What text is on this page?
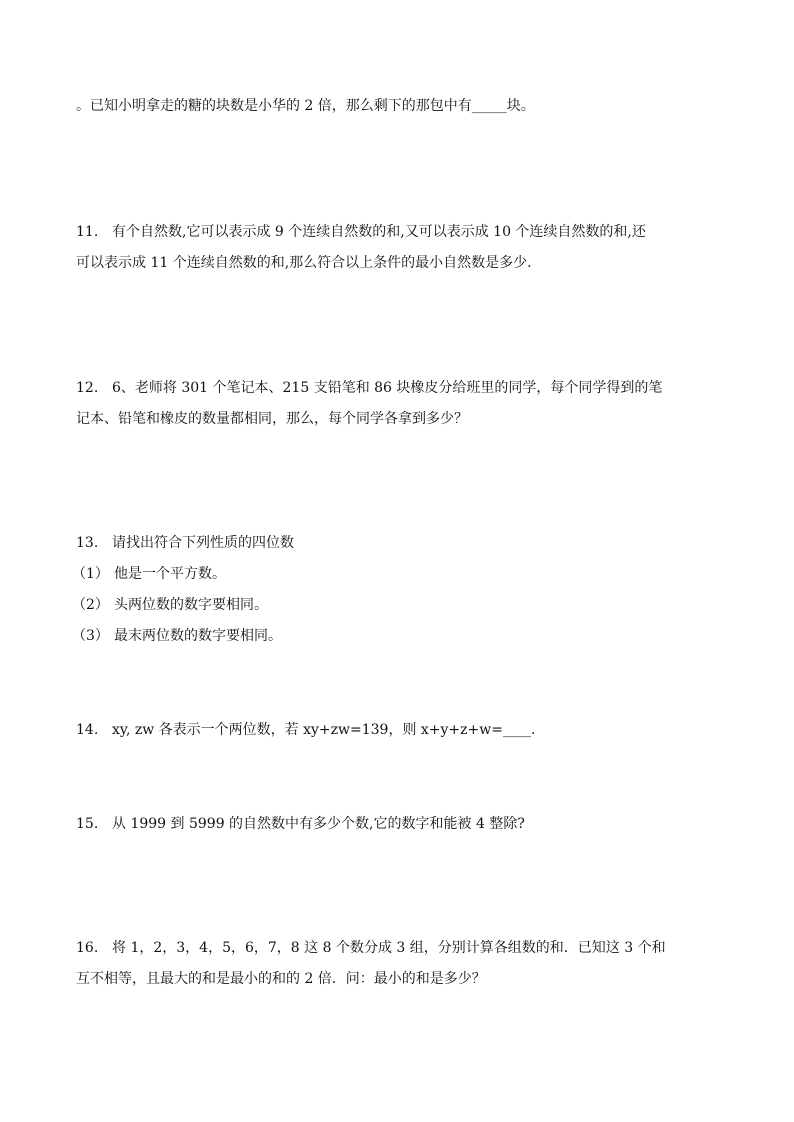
。已知小明拿走的糖的块数是小华的 2 倍，那么剩下的那包中有_____块。
11. 有个自然数,它可以表示成 9 个连续自然数的和,又可以表示成 10 个连续自然数的和,还
可以表示成 11 个连续自然数的和,那么符合以上条件的最小自然数是多少.
12. 6、老师将 301 个笔记本、215 支铅笔和 86 块橡皮分给班里的同学，每个同学得到的笔
记本、铅笔和橡皮的数量都相同，那么，每个同学各拿到多少？
13. 请找出符合下列性质的四位数
（1） 他是一个平方数。
（2） 头两位数的数字要相同。
（3） 最末两位数的数字要相同。
14. xy, zw 各表示一个两位数，若 xy+zw=139，则 x+y+z+w=____.
15. 从 1999 到 5999 的自然数中有多少个数,它的数字和能被 4 整除?
16. 将 1，2，3，4，5，6，7，8 这 8 个数分成 3 组，分别计算各组数的和．已知这 3 个和
互不相等，且最大的和是最小的和的 2 倍．问：最小的和是多少？
